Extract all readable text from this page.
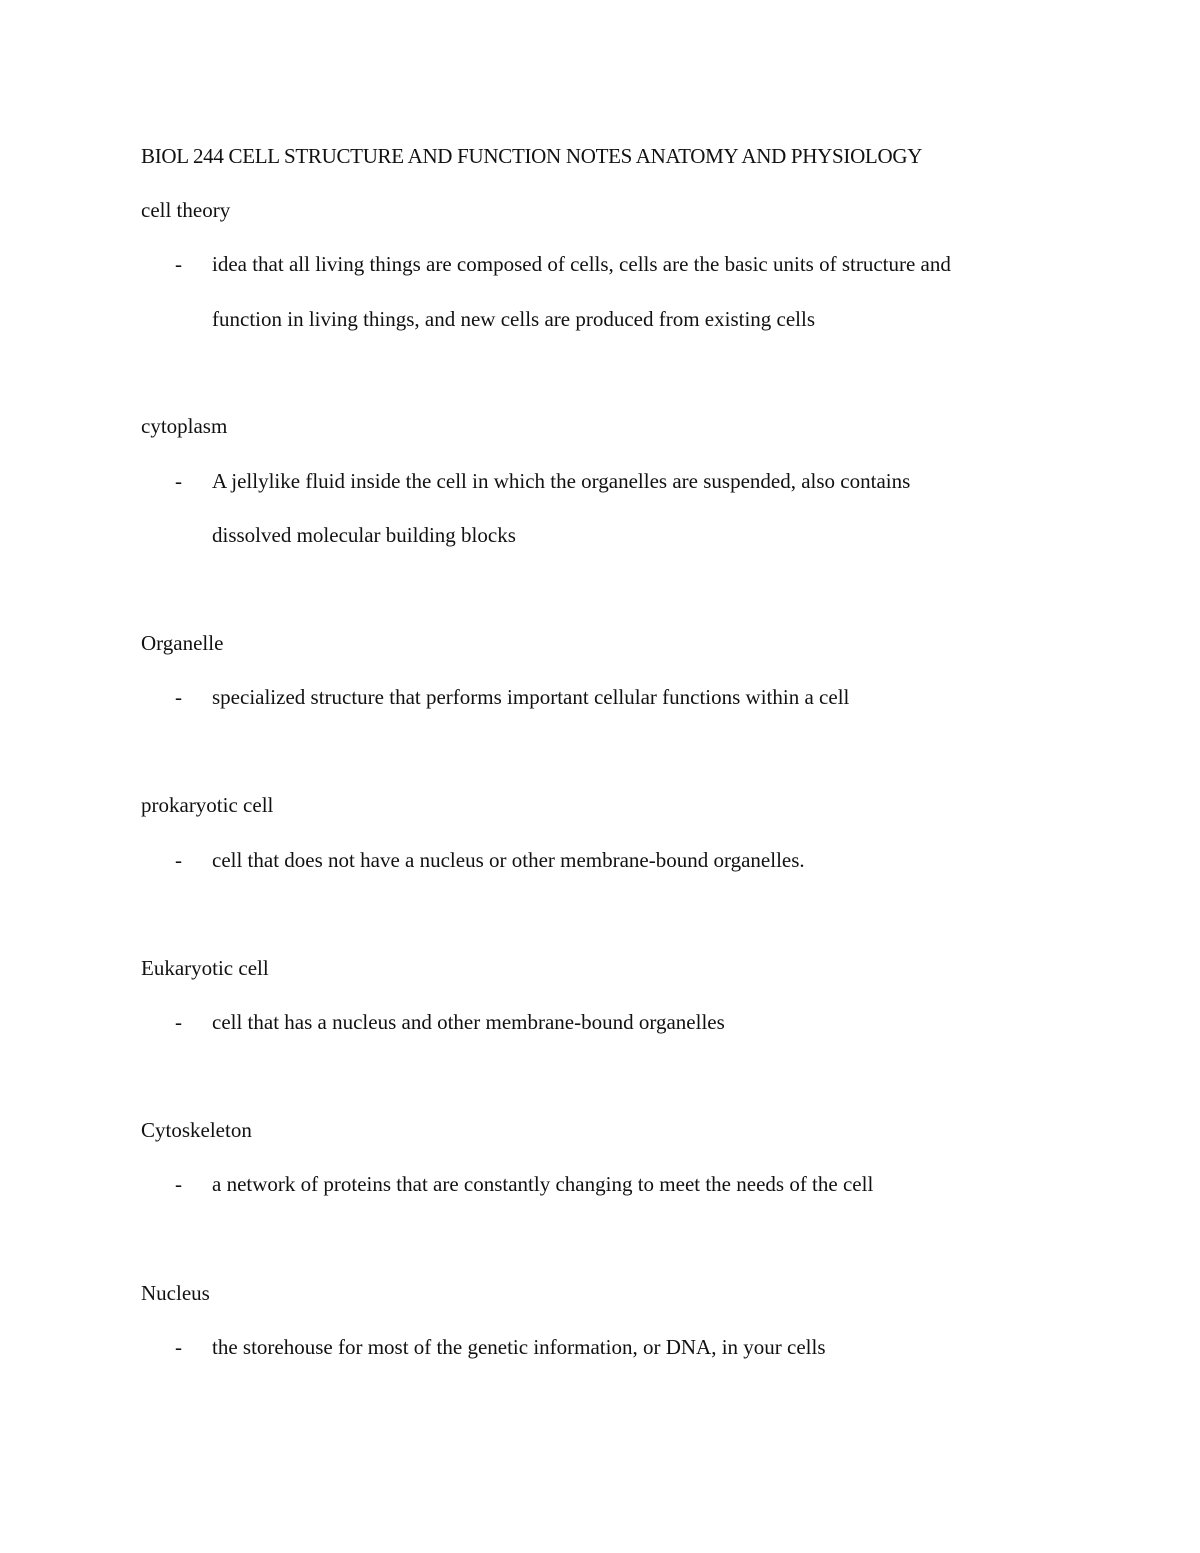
BIOL 244 CELL STRUCTURE AND FUNCTION NOTES ANATOMY AND PHYSIOLOGY
cell theory
- idea that all living things are composed of cells, cells are the basic units of structure and
function in living things, and new cells are produced from existing cells
cytoplasm
- A jellylike fluid inside the cell in which the organelles are suspended, also contains
dissolved molecular building blocks
Organelle
- specialized structure that performs important cellular functions within a cell
prokaryotic cell
- cell that does not have a nucleus or other membrane-bound organelles.
Eukaryotic cell
- cell that has a nucleus and other membrane-bound organelles
Cytoskeleton
- a network of proteins that are constantly changing to meet the needs of the cell
Nucleus
- the storehouse for most of the genetic information, or DNA, in your cells
